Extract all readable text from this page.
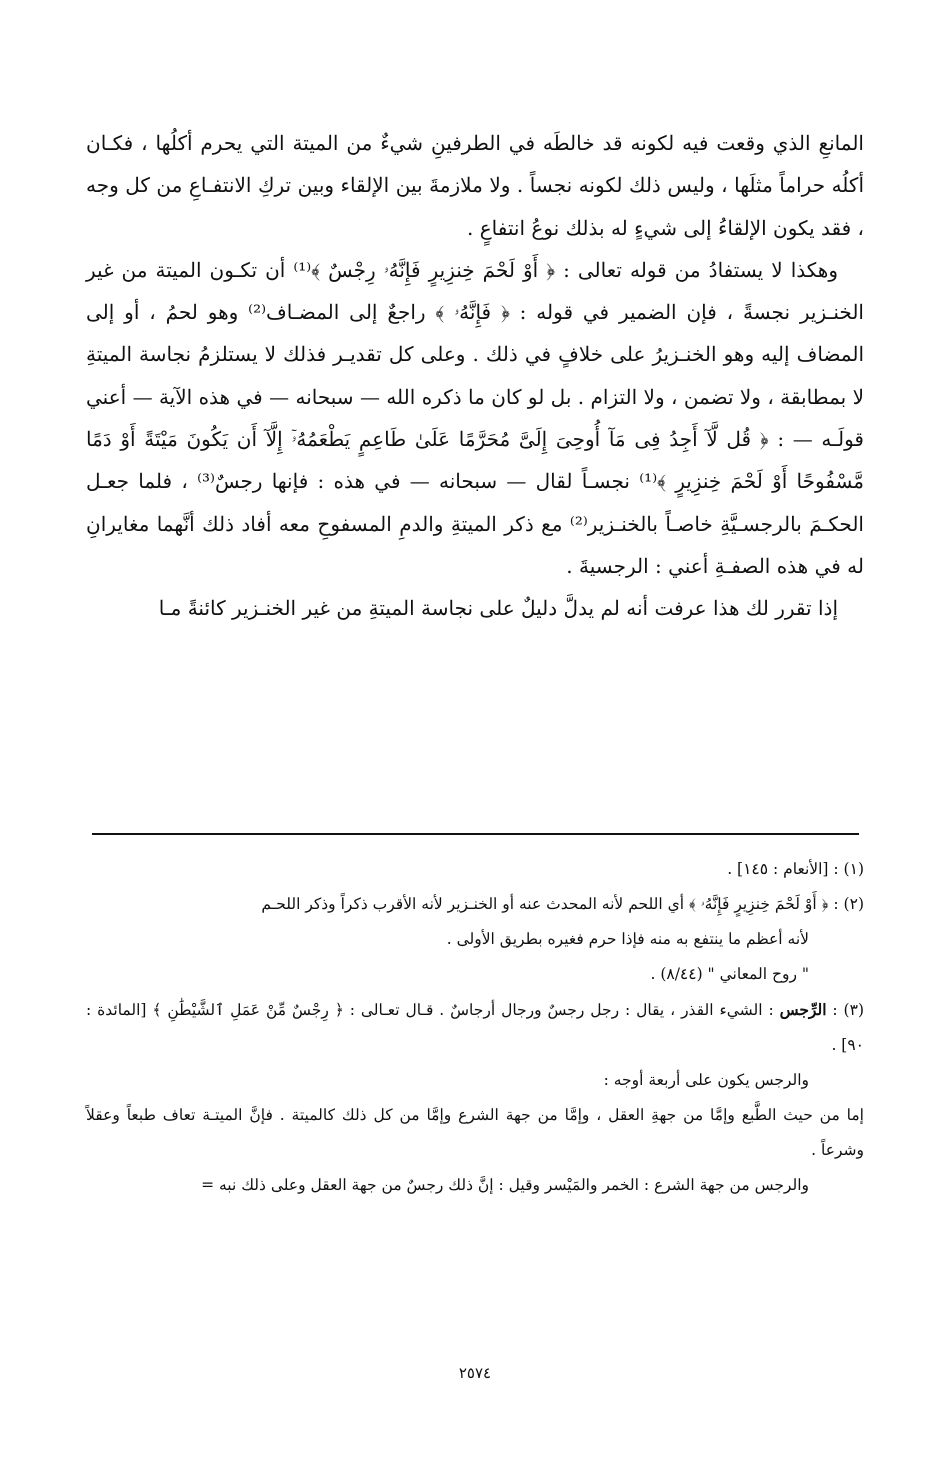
المانعِ الذي وقعت فيه لكونه قد خالطَه في الطرفينِ شيءٌ من الميتة التي يحرم أكلُها ، فكـان أكلُه حراماً مثلَها ، وليس ذلك لكونه نجساً . ولا ملازمةَ بين الإلقاء وبين تركِ الانتفـاعِ من كل وجه ، فقد يكون الإلقاءُ إلى شيءٍ له بذلك نوعُ انتفاعٍ .

وهكذا لا يستفادُ من قوله تعالى : ﴿ أَوْ لَحْمَ خِنزِيرٍ فَإِنَّهُۥ رِجْسٌ ﴾⁽¹⁾ أن تكـون الميتة من غير الخنـزير نجسةً ، فإن الضمير في قوله : ﴿ فَإِنَّهُۥ ﴾ راجعٌ إلى المضـاف⁽²⁾ وهو لحمُ ، أو إلى المضاف إليه وهو الخنـزيرُ على خلافٍ في ذلك . وعلى كل تقديـر فذلك لا يستلزمُ نجاسة الميتةِ لا بمطابقة ، ولا تضمن ، ولا التزام . بل لو كان ما ذكره الله — سبحانه — في هذه الآية — أعني قولَـه — : ﴿ قُل لَّآ أَجِدُ فِى مَآ أُوحِىَ إِلَىَّ مُحَرَّمًا عَلَىٰ طَاعِمٍ يَطْعَمُهُۥٓ إِلَّآ أَن يَكُونَ مَيْتَةً أَوْ دَمًا مَّسْفُوحًا أَوْ لَحْمَ خِنزِيرٍ ﴾⁽¹⁾ نجسـاً لقال — سبحانه — في هذه : فإنها رجسٌ⁽³⁾ ، فلما جعـل الحكـمَ بالرجسـيَّةِ خاصـاً بالخنـزير⁽²⁾ مع ذكر الميتةِ والدمِ المسفوحِ معه أفاد ذلك أنَّهما مغايرانِ له في هذه الصفـةِ أعني : الرجسيةَ .

إذا تقرر لك هذا عرفت أنه لم يدلَّ دليلٌ على نجاسة الميتةِ من غير الخنـزير كائنةً مـا

(١) : [الأنعام : ١٤٥] .

(٢) : ﴿ أَوْ لَحْمَ خِنزِيرٍ فَإِنَّهُۥ ﴾ أي اللحم لأنه المحدث عنه أو الخنـزير لأنه الأقرب ذكراً وذكر اللحـم

لأنه أعظم ما ينتفع به منه فإذا حرم فغيره بطريق الأولى .

" روح المعاني " (٨/٤٤) .

(٣) : الرِّجس : الشيء القذر ، يقال : رجل رجسٌ ورجال أرجاسٌ . قـال تعـالى : ﴿ رِجْسٌ مِّنْ عَمَلِ ٱلشَّيْطَٰنِ ﴾ [المائدة : ٩٠] .

والرجس يكون على أربعة أوجه :

إما من حيث الطَّبع وإمَّا من جهةِ العقل ، وإمَّا من جهة الشرع وإمَّا من كل ذلك كالميتة . فإنَّ الميتـة تعاف طبعاً وعقلاً وشرعاً .

والرجس من جهة الشرع : الخمر والمَيْسر وقيل : إنَّ ذلك رجسٌ من جهة العقل وعلى ذلك نبه =

٢٥٧٤
